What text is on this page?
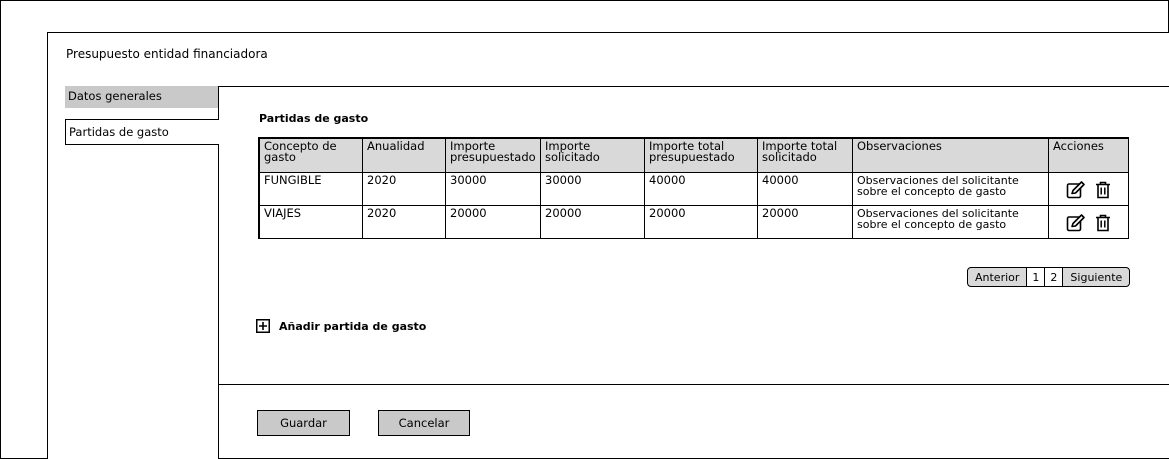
Presupuesto entidad financiadora
Datos generales
Partidas de gasto
Partidas de gasto
Concepto de gasto	Anualidad	Importe presupuestado	Importe solicitado	Importe total presupuestado	Importe total solicitado	Observaciones	Acciones
FUNGIBLE	2020	30000	30000	40000	40000	Observaciones del solicitante sobre el concepto de gasto	
VIAJES	2020	20000	20000	20000	20000	Observaciones del solicitante sobre el concepto de gasto	
Anterior	1	2	Siguiente
Añadir partida de gasto
Guardar	Cancelar
